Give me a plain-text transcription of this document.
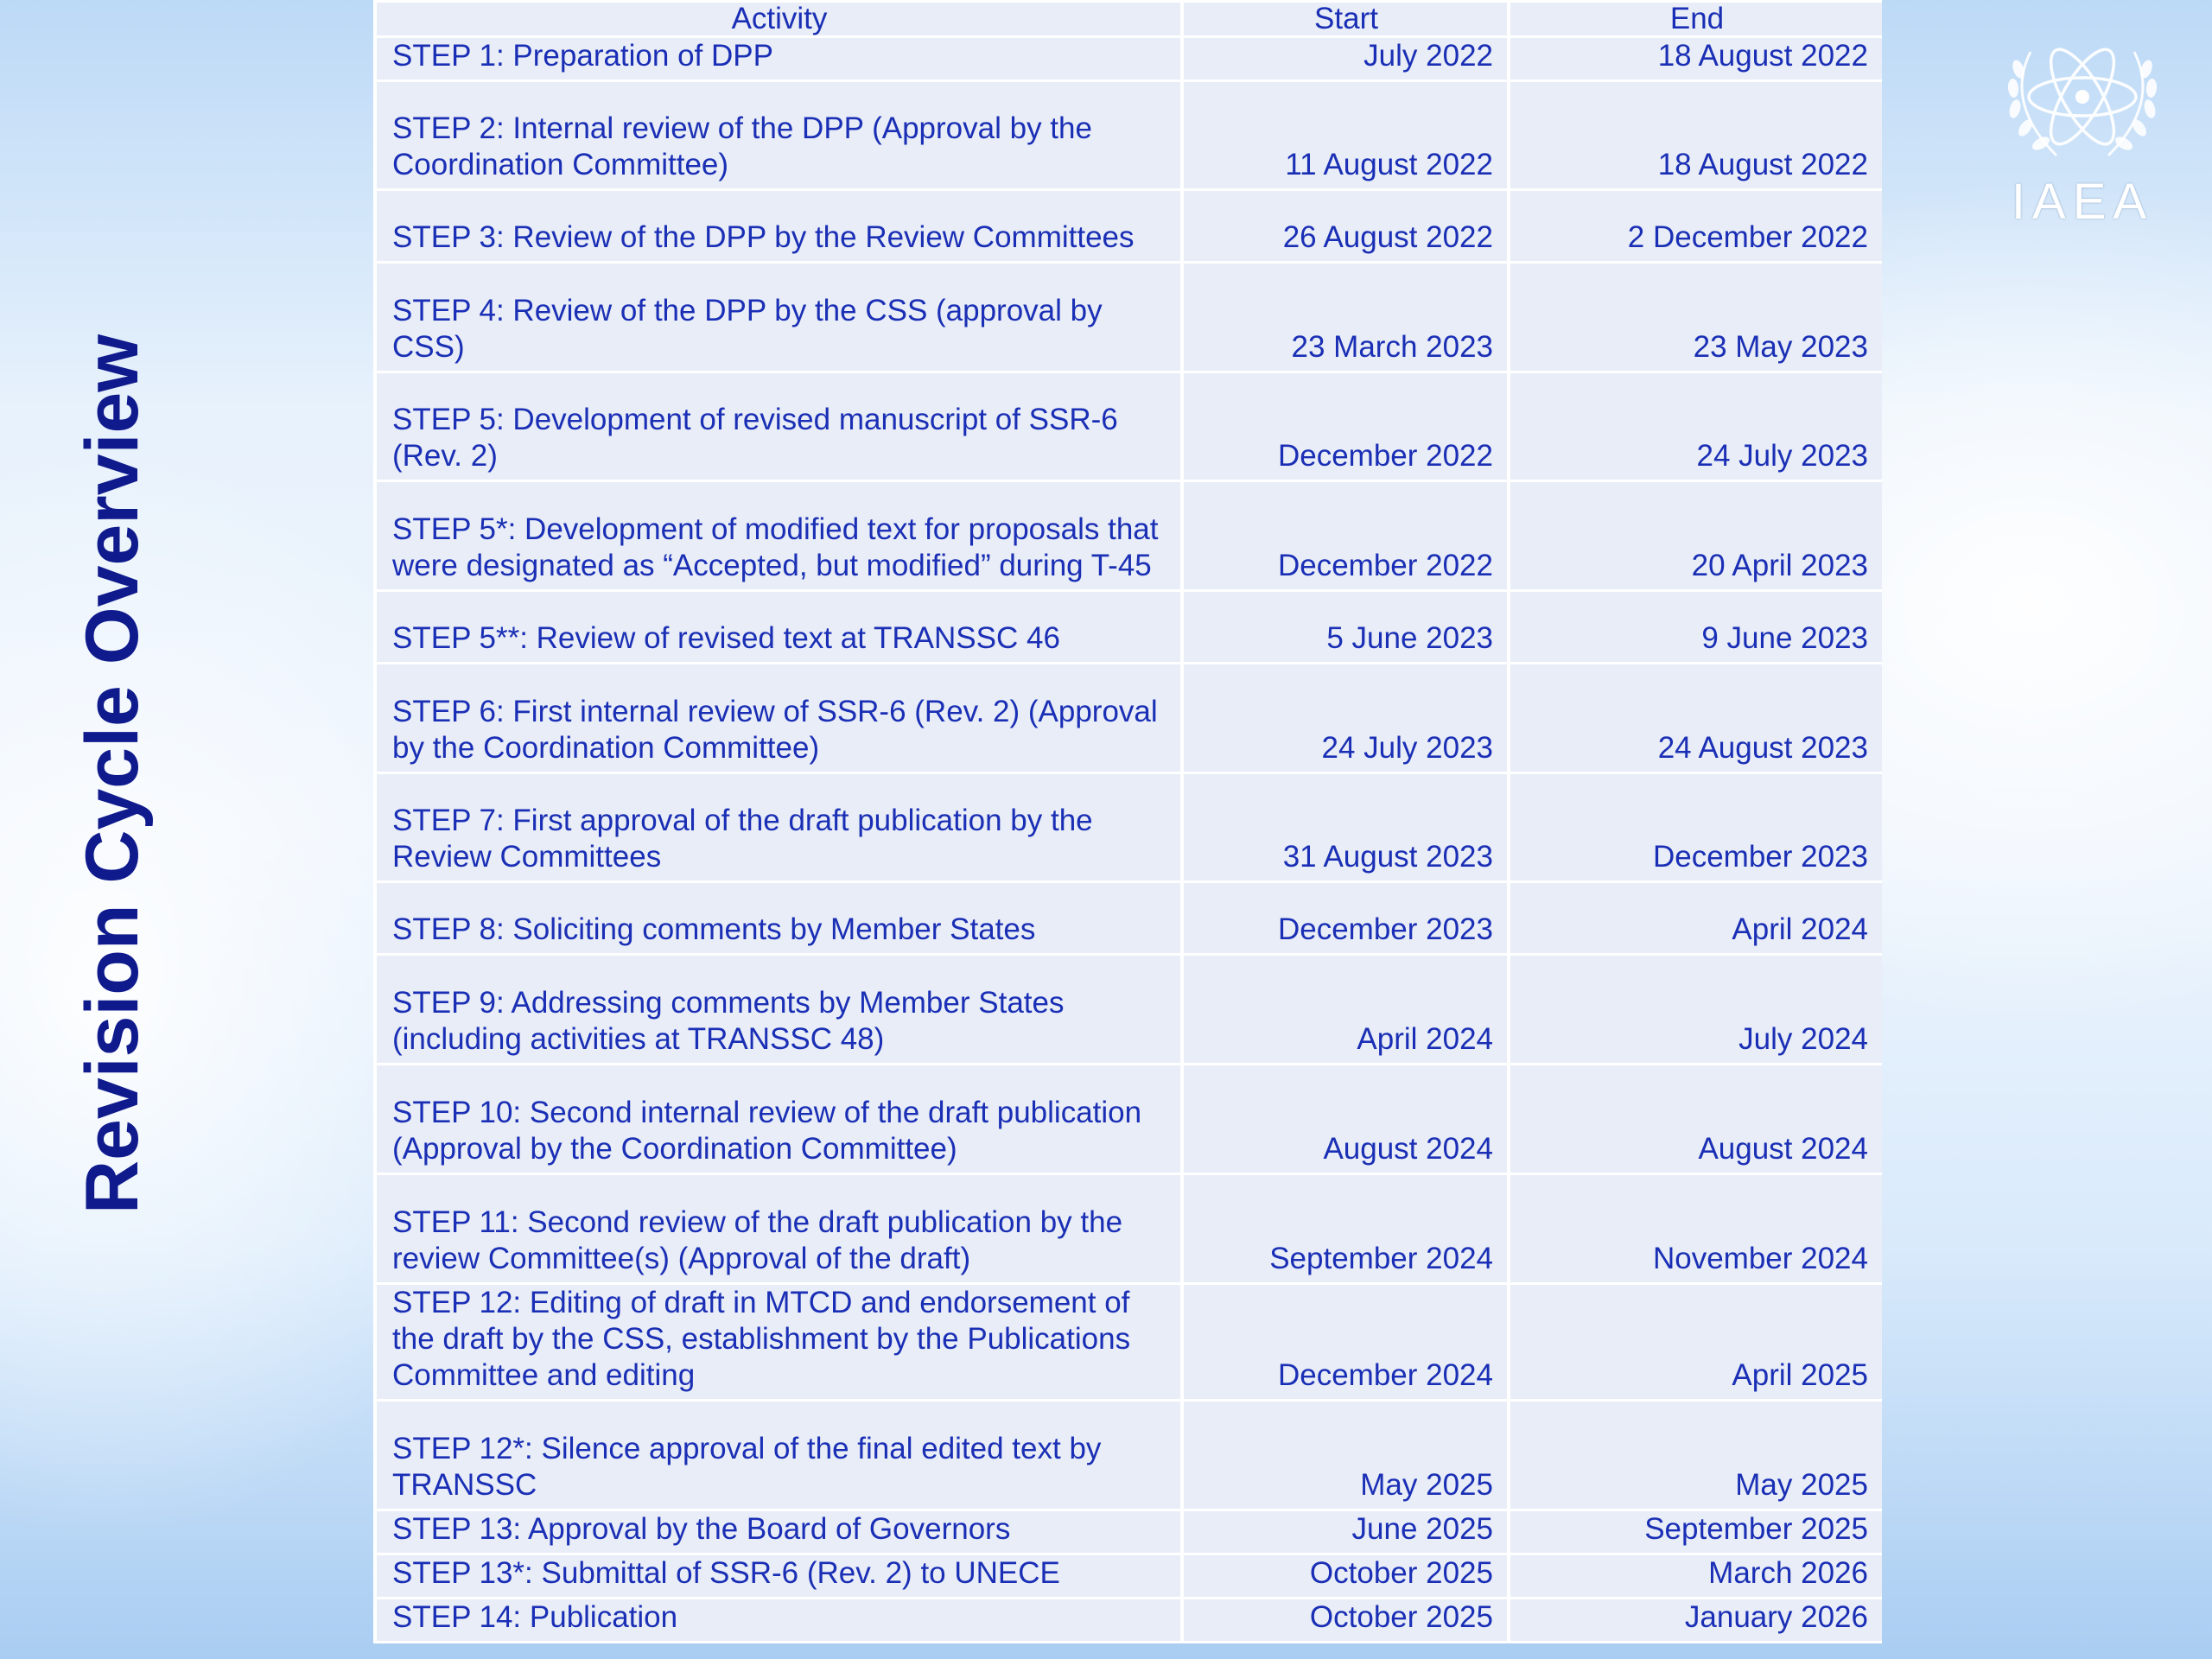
Revision Cycle Overview
IAEA
Activity	Start	End
STEP 1: Preparation of DPP	July 2022	18 August 2022
STEP 2: Internal review of the DPP (Approval by the Coordination Committee)	11 August 2022	18 August 2022
STEP 3: Review of the DPP by the Review Committees	26 August 2022	2 December 2022
STEP 4: Review of the DPP by the CSS (approval by CSS)	23 March 2023	23 May 2023
STEP 5: Development of revised manuscript of SSR-6 (Rev. 2)	December 2022	24 July 2023
STEP 5*: Development of modified text for proposals that were designated as “Accepted, but modified” during T-45	December 2022	20 April 2023
STEP 5**: Review of revised text at TRANSSC 46	5 June 2023	9 June 2023
STEP 6: First internal review of SSR-6 (Rev. 2) (Approval by the Coordination Committee)	24 July 2023	24 August 2023
STEP 7: First approval of the draft publication by the Review Committees	31 August 2023	December 2023
STEP 8: Soliciting comments by Member States	December 2023	April 2024
STEP 9: Addressing comments by Member States (including activities at TRANSSC 48)	April 2024	July 2024
STEP 10: Second internal review of the draft publication (Approval by the Coordination Committee)	August 2024	August 2024
STEP 11: Second review of the draft publication by the review Committee(s) (Approval of the draft)	September 2024	November 2024
STEP 12: Editing of draft in MTCD and endorsement of the draft by the CSS, establishment by the Publications Committee and editing	December 2024	April 2025
STEP 12*: Silence approval of the final edited text by TRANSSC	May 2025	May 2025
STEP 13: Approval by the Board of Governors	June 2025	September 2025
STEP 13*: Submittal of SSR-6 (Rev. 2) to UNECE	October 2025	March 2026
STEP 14: Publication	October 2025	January 2026
